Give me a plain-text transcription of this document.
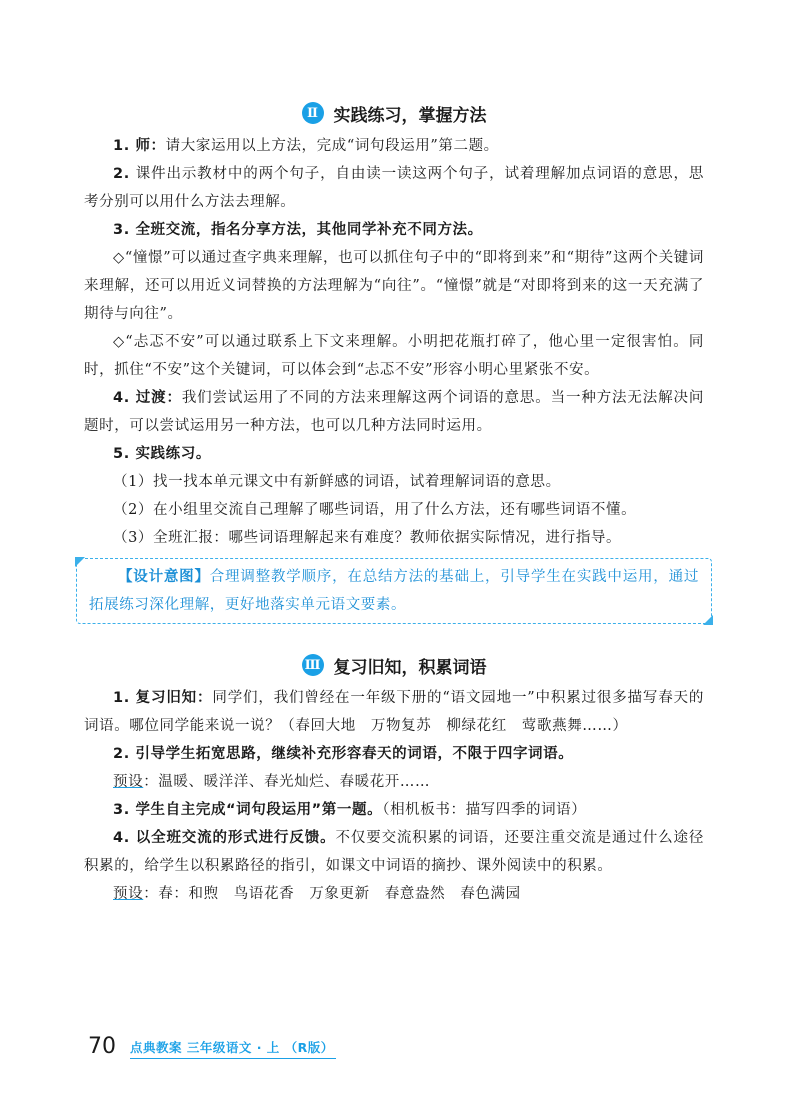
Ⅱ 实践练习，掌握方法

1. 师：请大家运用以上方法，完成“词句段运用”第二题。

2. 课件出示教材中的两个句子，自由读一读这两个句子，试着理解加点词语的意思，思考分别可以用什么方法去理解。

3. 全班交流，指名分享方法，其他同学补充不同方法。

◇“憧憬”可以通过查字典来理解，也可以抓住句子中的“即将到来”和“期待”这两个关键词来理解，还可以用近义词替换的方法理解为“向往”。“憧憬”就是“对即将到来的这一天充满了期待与向往”。

◇“忐忑不安”可以通过联系上下文来理解。小明把花瓶打碎了，他心里一定很害怕。同时，抓住“不安”这个关键词，可以体会到“忐忑不安”形容小明心里紧张不安。

4. 过渡：我们尝试运用了不同的方法来理解这两个词语的意思。当一种方法无法解决问题时，可以尝试运用另一种方法，也可以几种方法同时运用。

5. 实践练习。

（1）找一找本单元课文中有新鲜感的词语，试着理解词语的意思。

（2）在小组里交流自己理解了哪些词语，用了什么方法，还有哪些词语不懂。

（3）全班汇报：哪些词语理解起来有难度？教师依据实际情况，进行指导。

【设计意图】合理调整教学顺序，在总结方法的基础上，引导学生在实践中运用，通过拓展练习深化理解，更好地落实单元语文要素。

Ⅲ 复习旧知，积累词语

1. 复习旧知：同学们，我们曾经在一年级下册的“语文园地一”中积累过很多描写春天的词语。哪位同学能来说一说？（春回大地　万物复苏　柳绿花红　莺歌燕舞……）

2. 引导学生拓宽思路，继续补充形容春天的词语，不限于四字词语。

预设：温暖、暖洋洋、春光灿烂、春暖花开……

3. 学生自主完成“词句段运用”第一题。（相机板书：描写四季的词语）

4. 以全班交流的形式进行反馈。不仅要交流积累的词语，还要注重交流是通过什么途径积累的，给学生以积累路径的指引，如课文中词语的摘抄、课外阅读中的积累。

预设：春：和煦　鸟语花香　万象更新　春意盎然　春色满园

70 点典教案 三年级语文 · 上 （R版）
